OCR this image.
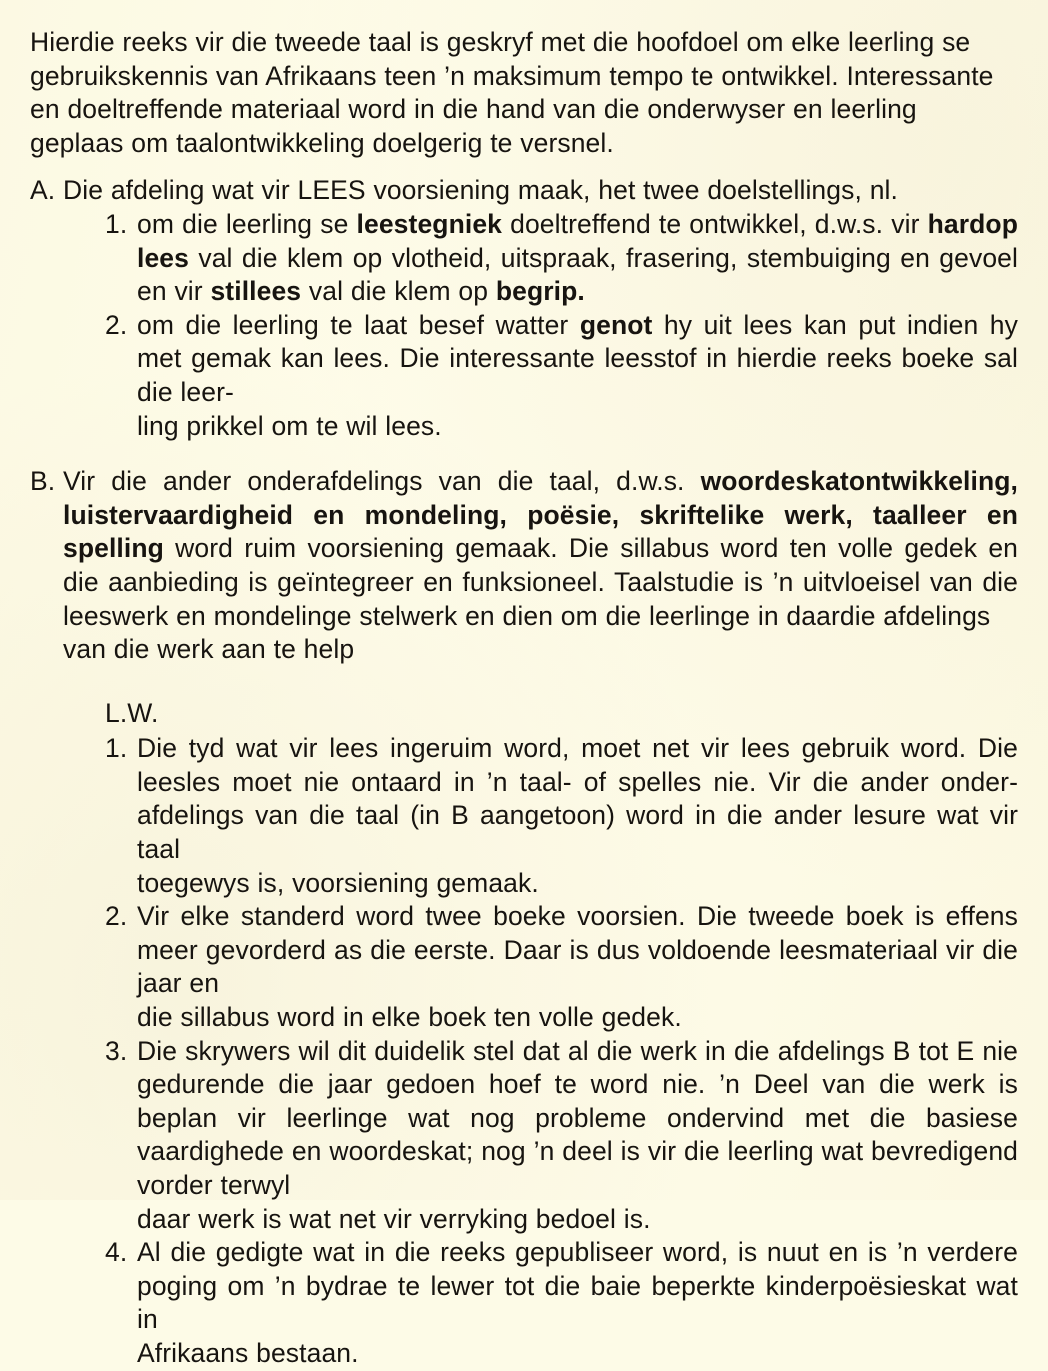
Hierdie reeks vir die tweede taal is geskryf met die hoofdoel om elke leerling se
gebruikskennis van Afrikaans teen ’n maksimum tempo te ontwikkel. Interessante
en doeltreffende materiaal word in die hand van die onderwyser en leerling
geplaas om taalontwikkeling doelgerig te versnel.
A. Die afdeling wat vir LEES voorsiening maak, het twee doelstellings, nl.

1. om die leerling se leestegniek doeltreffend te ontwikkel, d.w.s. vir hardop lees val die klem op vlotheid, uitspraak, frasering, stembuiging en gevoel en vir stillees val die klem op begrip.
2. om die leerling te laat besef watter genot hy uit lees kan put indien hy met gemak kan lees. Die interessante leesstof in hierdie reeks boeke sal die leer-
ling prikkel om te wil lees.
B. Vir die ander onderafdelings van die taal, d.w.s. woordeskatontwikkeling, luistervaardigheid en mondeling, poësie, skriftelike werk, taalleer en spelling word ruim voorsiening gemaak. Die sillabus word ten volle gedek en die aanbieding is geïntegreer en funksioneel. Taalstudie is ’n uitvloeisel van die leeswerk en mondelinge stelwerk en dien om die leerlinge in daardie afdelings
van die werk aan te help

L.W.

1. Die tyd wat vir lees ingeruim word, moet net vir lees gebruik word. Die leesles moet nie ontaard in ’n taal- of spelles nie. Vir die ander onder-afdelings van die taal (in B aangetoon) word in die ander lesure wat vir taal
toegewys is, voorsiening gemaak.
2. Vir elke standerd word twee boeke voorsien. Die tweede boek is effens meer gevorderd as die eerste. Daar is dus voldoende leesmateriaal vir die jaar en
die sillabus word in elke boek ten volle gedek.
3. Die skrywers wil dit duidelik stel dat al die werk in die afdelings B tot E nie gedurende die jaar gedoen hoef te word nie. ’n Deel van die werk is beplan vir leerlinge wat nog probleme ondervind met die basiese vaardighede en woordeskat; nog ’n deel is vir die leerling wat bevredigend vorder terwyl
daar werk is wat net vir verryking bedoel is.
4. Al die gedigte wat in die reeks gepubliseer word, is nuut en is ’n verdere poging om ’n bydrae te lewer tot die baie beperkte kinderpoësieskat wat in
Afrikaans bestaan.
